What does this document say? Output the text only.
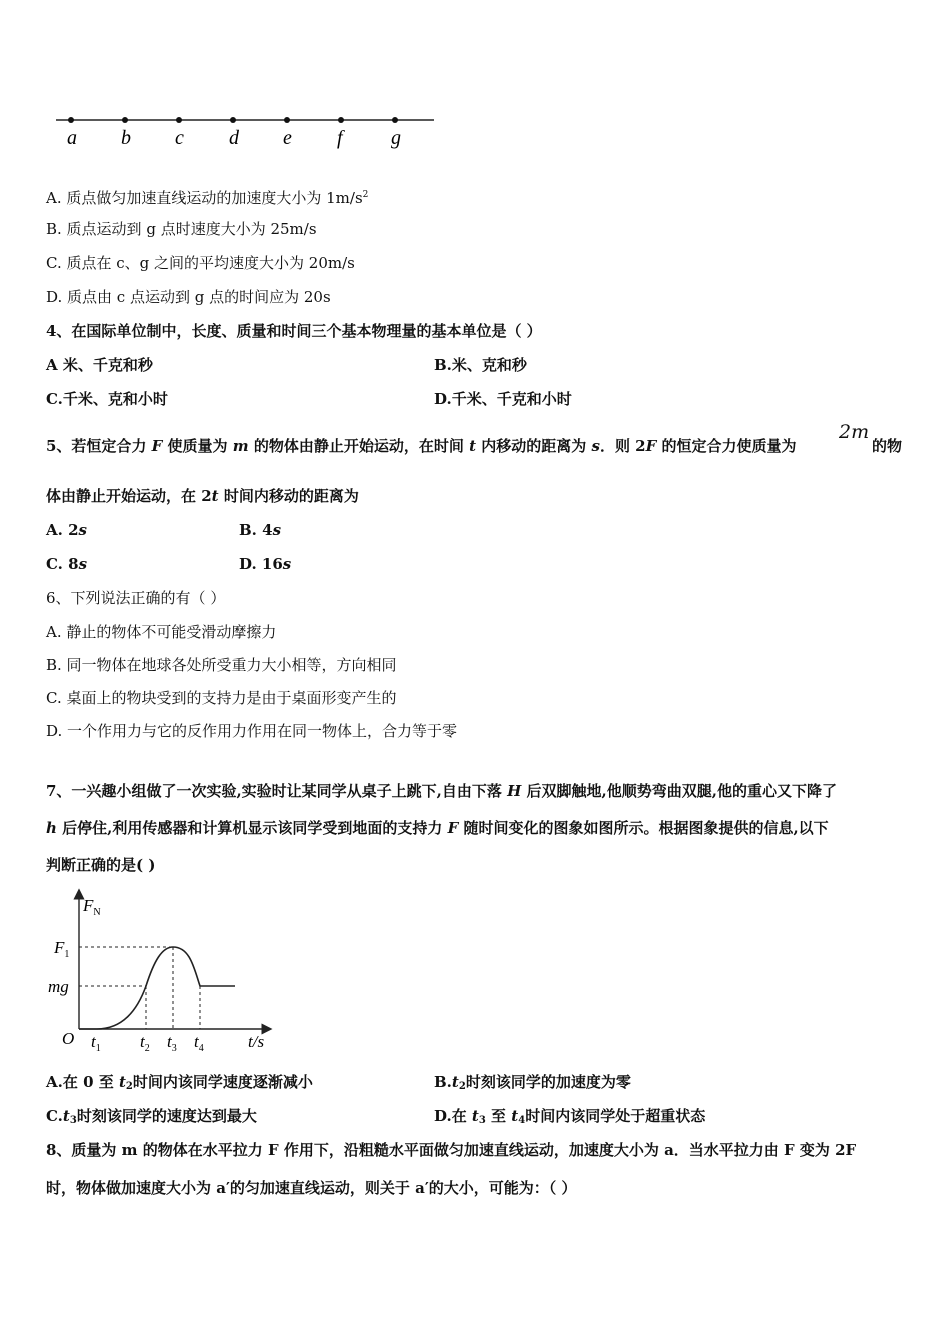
a b c d e f g
A. 质点做匀加速直线运动的加速度大小为 $1m/s^2$
B. 质点运动到 g 点时速度大小为 25m/s
C. 质点在 c、g 之间的平均速度大小为 20m/s
D. 质点由 c 点运动到 g 点的时间应为 20s
4、在国际单位制中，长度、质量和时间三个基本物理量的基本单位是（ ）
A 米、千克和秒	B.米、克和秒
C.千米、克和小时	D.千米、千克和小时
5、若恒定合力 F 使质量为 m 的物体由静止开始运动，在时间 t 内移动的距离为 s．则 2F 的恒定合力使质量为
2m
的物
体由静止开始运动，在 2t 时间内移动的距离为
A. 2s	B. 4s
C. 8s	D. 16s
6、下列说法正确的有（ ）
A. 静止的物体不可能受滑动摩擦力
B. 同一物体在地球各处所受重力大小相等，方向相同
C. 桌面上的物块受到的支持力是由于桌面形变产生的
D. 一个作用力与它的反作用力作用在同一物体上，合力等于零
7、一兴趣小组做了一次实验,实验时让某同学从桌子上跳下,自由下落 H 后双脚触地,他顺势弯曲双腿,他的重心又下降了
h 后停住,利用传感器和计算机显示该同学受到地面的支持力 F 随时间变化的图象如图所示。根据图象提供的信息,以下
判断正确的是( )
$F_N$
$F_1$
mg
O $t_1$ $t_2$ $t_3$ $t_4$	t/s
A.在 0 至 $t_2$时间内该同学速度逐渐减小	$B.t_2$时刻该同学的加速度为零
$C.t_3$时刻该同学的速度达到最大	D.在 $t_3$ 至 $t_4$时间内该同学处于超重状态
8、质量为 m 的物体在水平拉力 F 作用下，沿粗糙水平面做匀加速直线运动，加速度大小为 a．当水平拉力由 F 变为 2F
时，物体做加速度大小为 a′的匀加速直线运动，则关于 a′的大小，可能为：（ ）
